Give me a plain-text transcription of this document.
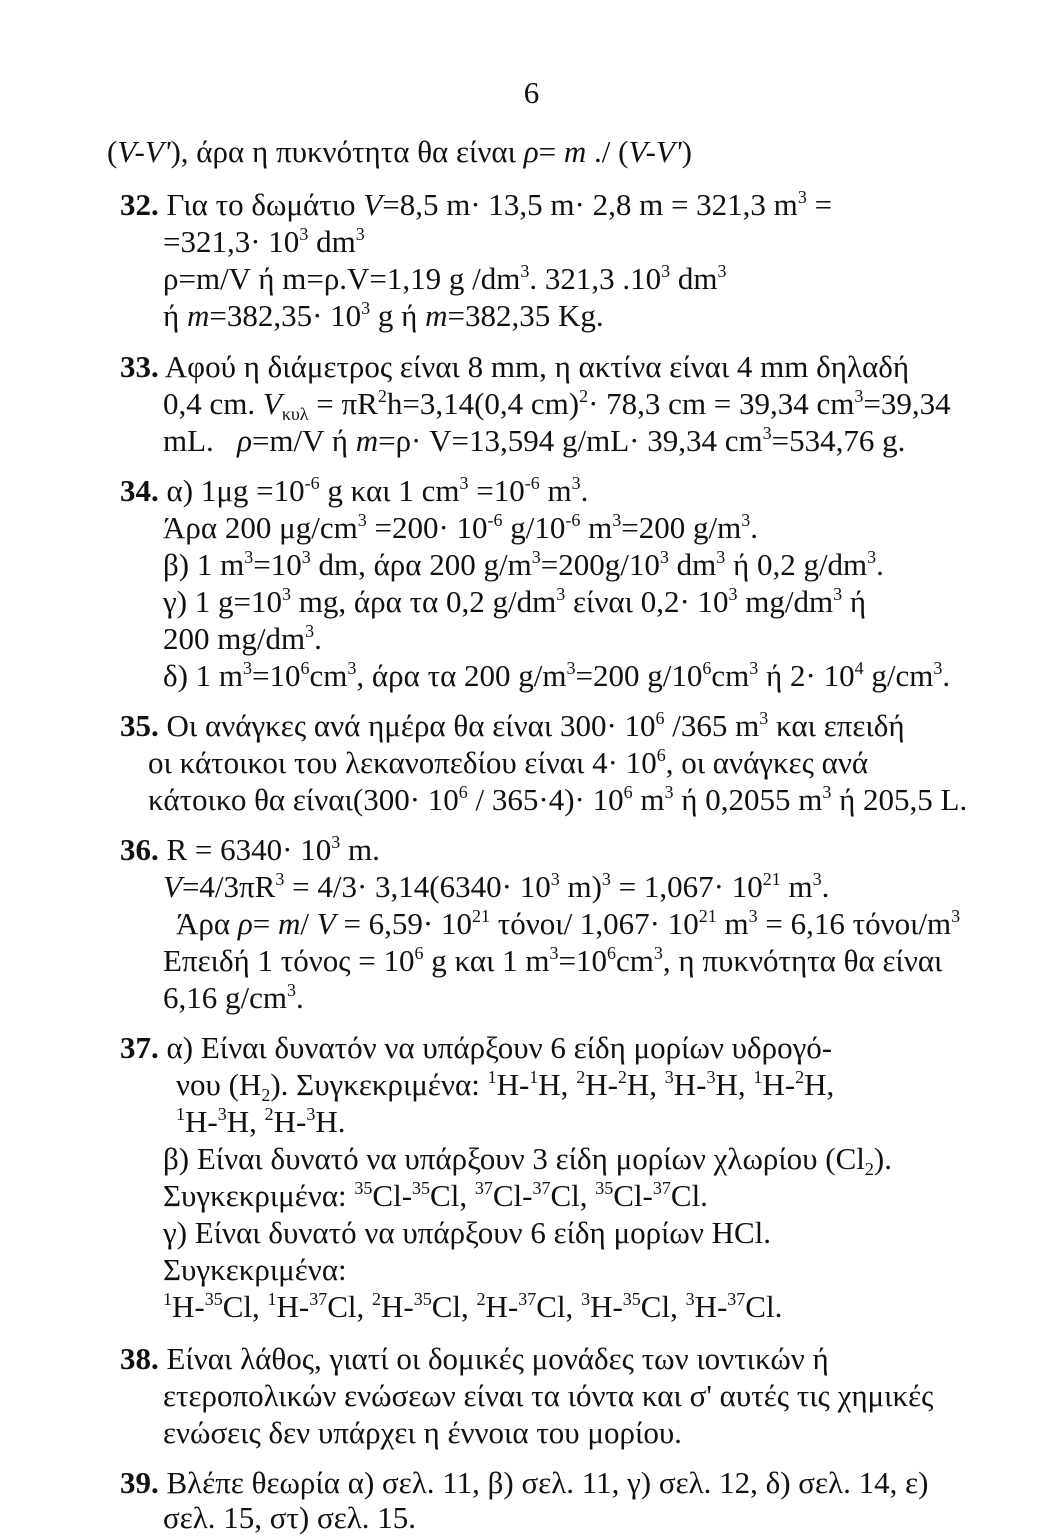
6
(V-V'), άρα η πυκνότητα θα είναι ρ= m ./ (V-V')
32. Για το δωμάτιο V=8,5 m· 13,5 m· 2,8 m = 321,3 $m^3$ =
$=321,3\cdot 10^3$ $dm^3$
ρ=m/V ή m=ρ.V=1,19 g $/dm^3$. 321,3 $.10^3$ $dm^3$
ή $m=382,35\cdot 10^3$ g ή m=382,35 Kg.
33. Αφού η διάμετρος είναι 8 mm, η ακτίνα είναι 4 mm δηλαδή
0,4 cm. $V_{\kappa\upsilon\lambda} = \pi R^2h=3,14(0,4$ cm)$^2$· 78,3 cm = 39,34 $cm^3=39,34$
mL.   ρ=m/V ή m=ρ· V=13,594 g/mL· 39,34 $cm^3=534,76$ g.
34. α) $1\mu g =10^{-6}$ g και 1 $cm^3 =10^{-6}$ $m^3$.
Άρα 200 $\mu g/cm^3 =200\cdot 10^{-6}$ $g/10^{-6}$ $m^3=200$ $g/m^3$.
β) 1 $m^3=10^3$ dm, άρα 200 $g/m^3=200g/10^3$ $dm^3$ ή 0,2 $g/dm^3$.
γ) 1 $g=10^3$ mg, άρα τα 0,2 $g/dm^3$ είναι $0,2\cdot 10^3$ $mg/dm^3$ ή
200 $mg/dm^3$.
δ) 1 $m^3=10^6cm^3$, άρα τα 200 $g/m^3=200$ $g/10^6cm^3$ ή $2\cdot 10^4$ $g/cm^3$.
35. Οι ανάγκες ανά ημέρα θα είναι $300\cdot 10^6$ /365 $m^3$ και επειδή
οι κάτοικοι του λεκανοπεδίου είναι $4\cdot 10^6$, οι ανάγκες ανά
κάτοικο θα $\varepsilon ί\nu\alpha\iota(300\cdot 10^6 / 365\cdot 4)\cdot 10^6$ $m^3$ ή 0,2055 $m^3$ ή 205,5 L.
36. $R = 6340\cdot 10^3$ m.
$V=4/3\pi R^3 = 4/3\cdot 3,14(6340\cdot 10^3$ $m)^3 = 1,067\cdot 10^{21}$ $m^3$.
Άρα ρ= m/ $V = 6,59\cdot 10^{21}$ τόνοι/ $1,067\cdot 10^{21}$ $m^3 = 6,16$ τόνοι/$m^3$
Επειδή 1 $\tau ό\nu o\varsigma = 10^6$ g και 1 $m^3=10^6cm^3$, η πυκνότητα θα είναι
6,16 $g/cm^3$.
37. α) Είναι δυνατόν να υπάρξουν 6 είδη μορίων υδρογό-
νου $(H_2)$. Συγκεκριμένα: $^1$H-$^1$H, $^2$H-$^2$H, $^3$H-$^3$H, $^1$H-$^2$H,
$^1$H-$^3$H, $^2$H-$^3$H.
β) Είναι δυνατό να υπάρξουν 3 είδη μορίων χλωρίου $(Cl_2)$.
Συγκεκριμένα: $^{35}$Cl-$^{35}$Cl, $^{37}$Cl-$^{37}$Cl, $^{35}$Cl-$^{37}$Cl.
γ) Είναι δυνατό να υπάρξουν 6 είδη μορίων HCl.
Συγκεκριμένα:
$^1$H-$^{35}$Cl, $^1$H-$^{37}$Cl, $^2$H-$^{35}$Cl, $^2$H-$^{37}$Cl, $^3$H-$^{35}$Cl, $^3$H-$^{37}$Cl.
38. Είναι λάθος, γιατί οι δομικές μονάδες των ιοντικών ή
ετεροπολικών ενώσεων είναι τα ιόντα και σ' αυτές τις χημικές
ενώσεις δεν υπάρχει η έννοια του μορίου.
39. Βλέπε θεωρία α) σελ. 11, β) σελ. 11, γ) σελ. 12, δ) σελ. 14, ε)
σελ. 15, στ) σελ. 15.
